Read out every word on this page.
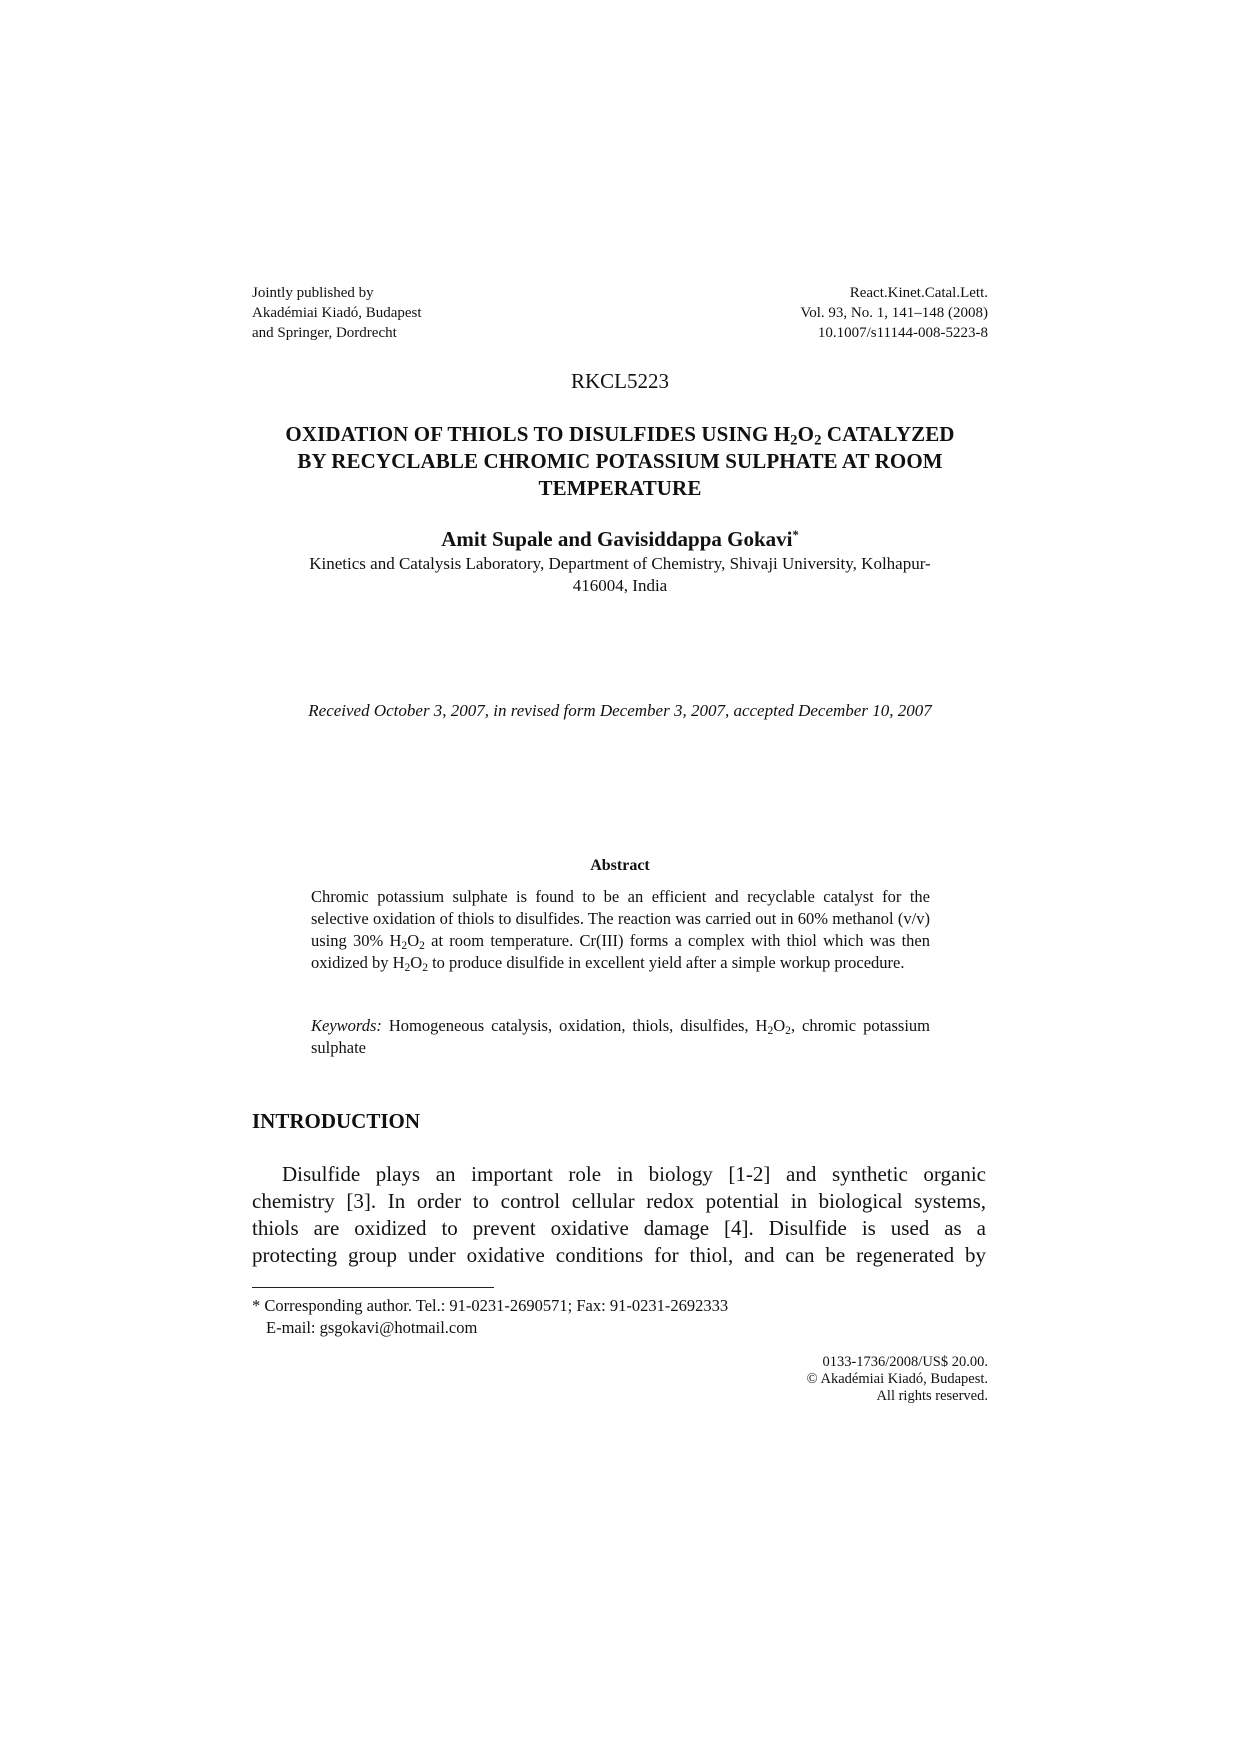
Jointly published by
Akadémiai Kiadó, Budapest
and Springer, Dordrecht
React.Kinet.Catal.Lett.
Vol. 93, No. 1, 141–148 (2008)
10.1007/s11144-008-5223-8
RKCL5223
OXIDATION OF THIOLS TO DISULFIDES USING $H_2O_2$ CATALYZED
BY RECYCLABLE CHROMIC POTASSIUM SULPHATE AT ROOM
TEMPERATURE
Amit Supale and Gavisiddappa Gokavi*
Kinetics and Catalysis Laboratory, Department of Chemistry, Shivaji University, Kolhapur-
416004, India
Received October 3, 2007, in revised form December 3, 2007, accepted December 10, 2007
Abstract

Chromic potassium sulphate is found to be an efficient and recyclable catalyst for the selective oxidation of thiols to disulfides. The reaction was carried out in 60% methanol (v/v) using 30% $H_2O_2$ at room temperature. Cr(III) forms a complex with thiol which was then oxidized by $H_2O_2$ to produce disulfide in excellent yield after a simple workup procedure.

Keywords: Homogeneous catalysis, oxidation, thiols, disulfides, $H_2O_2$, chromic potassium sulphate

INTRODUCTION
Disulfide plays an important role in biology [1-2] and synthetic organic
chemistry [3]. In order to control cellular redox potential in biological systems,
thiols are oxidized to prevent oxidative damage [4]. Disulfide is used as a
protecting group under oxidative conditions for thiol, and can be regenerated by
* Corresponding author. Tel.: 91-0231-2690571; Fax: 91-0231-2692333
E-mail: gsgokavi@hotmail.com
0133-1736/2008/US$ 20.00.
© Akadémiai Kiadó, Budapest.
All rights reserved.
